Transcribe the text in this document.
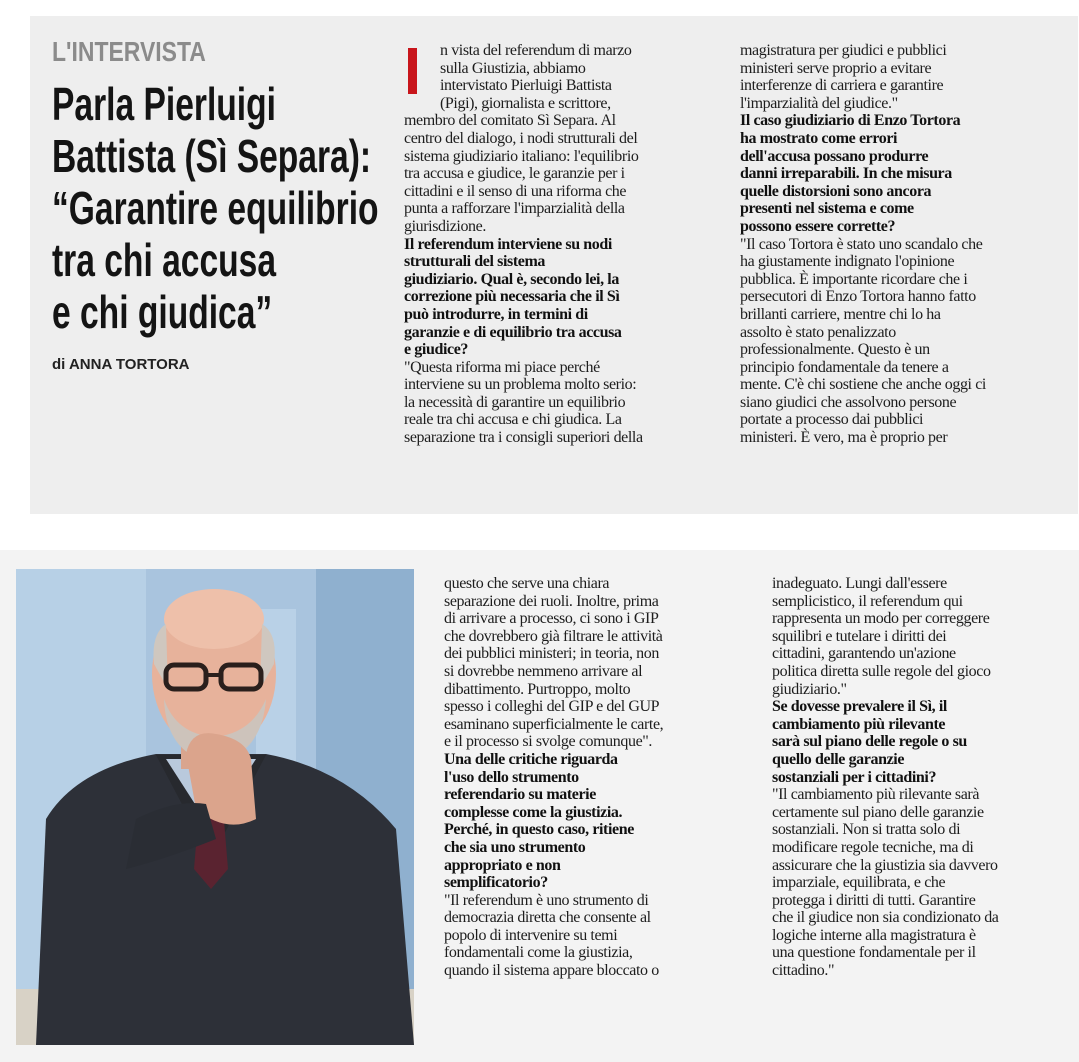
L'INTERVISTA
Parla Pierluigi
Battista (Sì Separa):
“Garantire equilibrio
tra chi accusa
e chi giudica”
di ANNA TORTORA

n vista del referendum di marzo
sulla Giustizia, abbiamo
intervistato Pierluigi Battista
(Pigi), giornalista e scrittore,

membro del comitato Sì Separa. Al
centro del dialogo, i nodi strutturali del
sistema giudiziario italiano: l'equilibrio
tra accusa e giudice, le garanzie per i
cittadini e il senso di una riforma che
punta a rafforzare l'imparzialità della
giurisdizione.

Il referendum interviene su nodi
strutturali del sistema
giudiziario. Qual è, secondo lei, la
correzione più necessaria che il Sì
può introdurre, in termini di
garanzie e di equilibrio tra accusa
e giudice?

"Questa riforma mi piace perché
interviene su un problema molto serio:
la necessità di garantire un equilibrio
reale tra chi accusa e chi giudica. La
separazione tra i consigli superiori della

magistratura per giudici e pubblici
ministeri serve proprio a evitare
interferenze di carriera e garantire
l'imparzialità del giudice."

Il caso giudiziario di Enzo Tortora
ha mostrato come errori
dell'accusa possano produrre
danni irreparabili. In che misura
quelle distorsioni sono ancora
presenti nel sistema e come
possono essere corrette?

"Il caso Tortora è stato uno scandalo che
ha giustamente indignato l'opinione
pubblica. È importante ricordare che i
persecutori di Enzo Tortora hanno fatto
brillanti carriere, mentre chi lo ha
assolto è stato penalizzato
professionalmente. Questo è un
principio fondamentale da tenere a
mente. C'è chi sostiene che anche oggi ci
siano giudici che assolvono persone
portate a processo dai pubblici
ministeri. È vero, ma è proprio per

questo che serve una chiara
separazione dei ruoli. Inoltre, prima
di arrivare a processo, ci sono i GIP
che dovrebbero già filtrare le attività
dei pubblici ministeri; in teoria, non
si dovrebbe nemmeno arrivare al
dibattimento. Purtroppo, molto
spesso i colleghi del GIP e del GUP
esaminano superficialmente le carte,
e il processo si svolge comunque".

Una delle critiche riguarda
l'uso dello strumento
referendario su materie
complesse come la giustizia.
Perché, in questo caso, ritiene
che sia uno strumento
appropriato e non
semplificatorio?

"Il referendum è uno strumento di
democrazia diretta che consente al
popolo di intervenire su temi
fondamentali come la giustizia,
quando il sistema appare bloccato o

inadeguato. Lungi dall'essere
semplicistico, il referendum qui
rappresenta un modo per correggere
squilibri e tutelare i diritti dei
cittadini, garantendo un'azione
politica diretta sulle regole del gioco
giudiziario."

Se dovesse prevalere il Sì, il
cambiamento più rilevante
sarà sul piano delle regole o su
quello delle garanzie
sostanziali per i cittadini?

"Il cambiamento più rilevante sarà
certamente sul piano delle garanzie
sostanziali. Non si tratta solo di
modificare regole tecniche, ma di
assicurare che la giustizia sia davvero
imparziale, equilibrata, e che
protegga i diritti di tutti. Garantire
che il giudice non sia condizionato da
logiche interne alla magistratura è
una questione fondamentale per il
cittadino."
